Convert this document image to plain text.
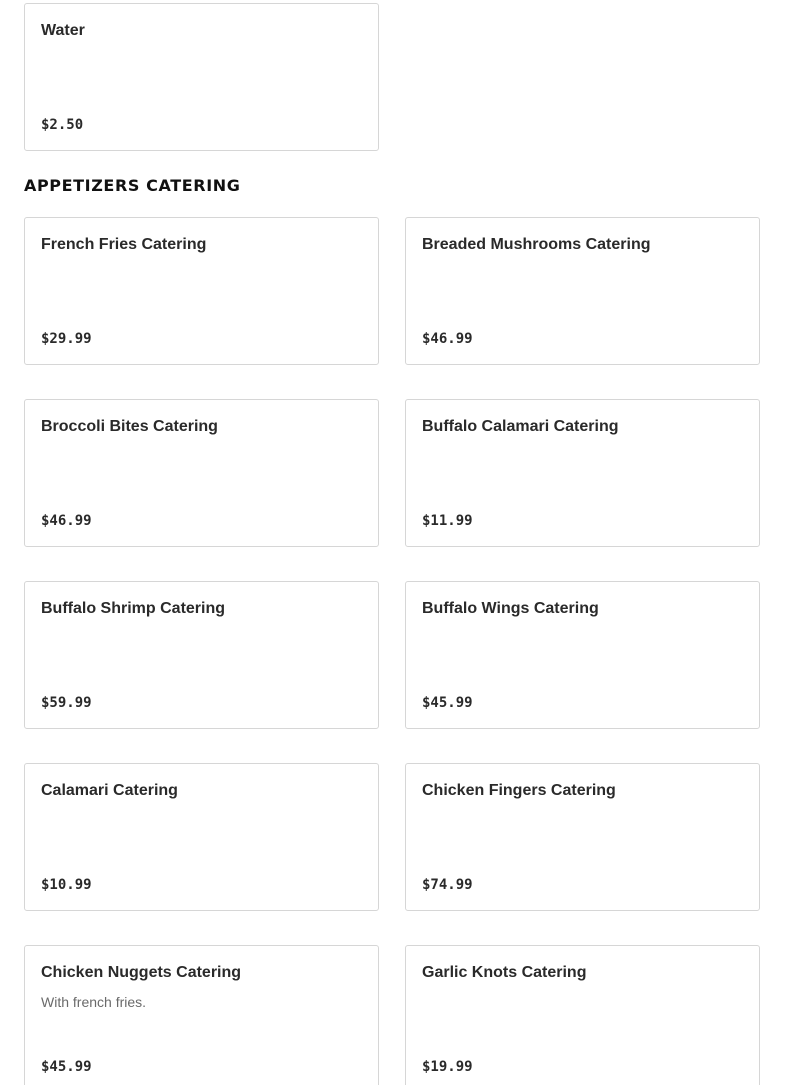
Water
$2.50
APPETIZERS CATERING
French Fries Catering
$29.99
Breaded Mushrooms Catering
$46.99
Broccoli Bites Catering
$46.99
Buffalo Calamari Catering
$11.99
Buffalo Shrimp Catering
$59.99
Buffalo Wings Catering
$45.99
Calamari Catering
$10.99
Chicken Fingers Catering
$74.99
Chicken Nuggets Catering
With french fries.
$45.99
Garlic Knots Catering
$19.99
